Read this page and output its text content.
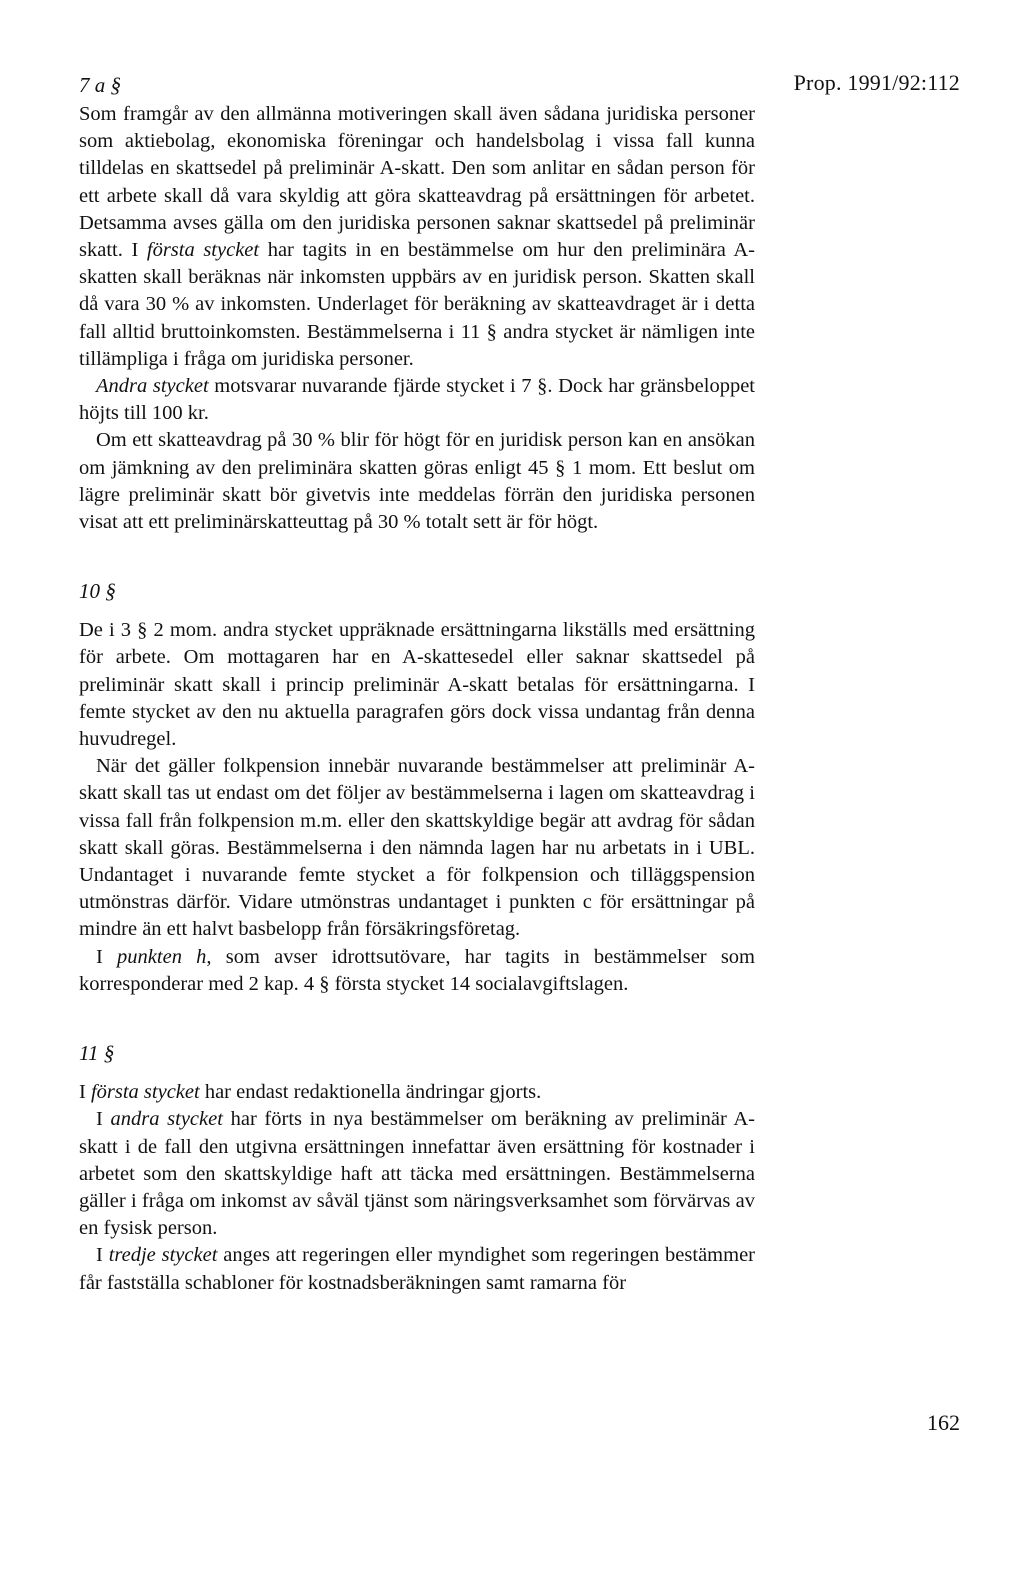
Prop. 1991/92:112
162
7 a §

Som framgår av den allmänna motiveringen skall även sådana juridiska personer som aktiebolag, ekonomiska föreningar och handelsbolag i vissa fall kunna tilldelas en skattsedel på preliminär A-skatt. Den som anlitar en sådan person för ett arbete skall då vara skyldig att göra skatteavdrag på ersättningen för arbetet. Detsamma avses gälla om den juridiska personen saknar skattsedel på preliminär skatt. I första stycket har tagits in en bestämmelse om hur den preliminära A-skatten skall beräknas när inkomsten uppbärs av en juridisk person. Skatten skall då vara 30 % av inkomsten. Underlaget för beräkning av skatteavdraget är i detta fall alltid bruttoinkomsten. Bestämmelserna i 11 § andra stycket är nämligen inte tillämpliga i fråga om juridiska personer.

Andra stycket motsvarar nuvarande fjärde stycket i 7 §. Dock har gränsbeloppet höjts till 100 kr.

Om ett skatteavdrag på 30 % blir för högt för en juridisk person kan en ansökan om jämkning av den preliminära skatten göras enligt 45 § 1 mom. Ett beslut om lägre preliminär skatt bör givetvis inte meddelas förrän den juridiska personen visat att ett preliminärskatteuttag på 30 % totalt sett är för högt.

10 §

De i 3 § 2 mom. andra stycket uppräknade ersättningarna likställs med ersättning för arbete. Om mottagaren har en A-skattesedel eller saknar skattsedel på preliminär skatt skall i princip preliminär A-skatt betalas för ersättningarna. I femte stycket av den nu aktuella paragrafen görs dock vissa undantag från denna huvudregel.

När det gäller folkpension innebär nuvarande bestämmelser att preliminär A-skatt skall tas ut endast om det följer av bestämmelserna i lagen om skatteavdrag i vissa fall från folkpension m.m. eller den skattskyldige begär att avdrag för sådan skatt skall göras. Bestämmelserna i den nämnda lagen har nu arbetats in i UBL. Undantaget i nuvarande femte stycket a för folkpension och tilläggspension utmönstras därför. Vidare utmönstras undantaget i punkten c för ersättningar på mindre än ett halvt basbelopp från försäkringsföretag.

I punkten h, som avser idrottsutövare, har tagits in bestämmelser som korresponderar med 2 kap. 4 § första stycket 14 socialavgiftslagen.

11 §

I första stycket har endast redaktionella ändringar gjorts.

I andra stycket har förts in nya bestämmelser om beräkning av preliminär A-skatt i de fall den utgivna ersättningen innefattar även ersättning för kostnader i arbetet som den skattskyldige haft att täcka med ersättningen. Bestämmelserna gäller i fråga om inkomst av såväl tjänst som näringsverksamhet som förvärvas av en fysisk person.

I tredje stycket anges att regeringen eller myndighet som regeringen bestämmer får fastställa schabloner för kostnadsberäkningen samt ramarna för
